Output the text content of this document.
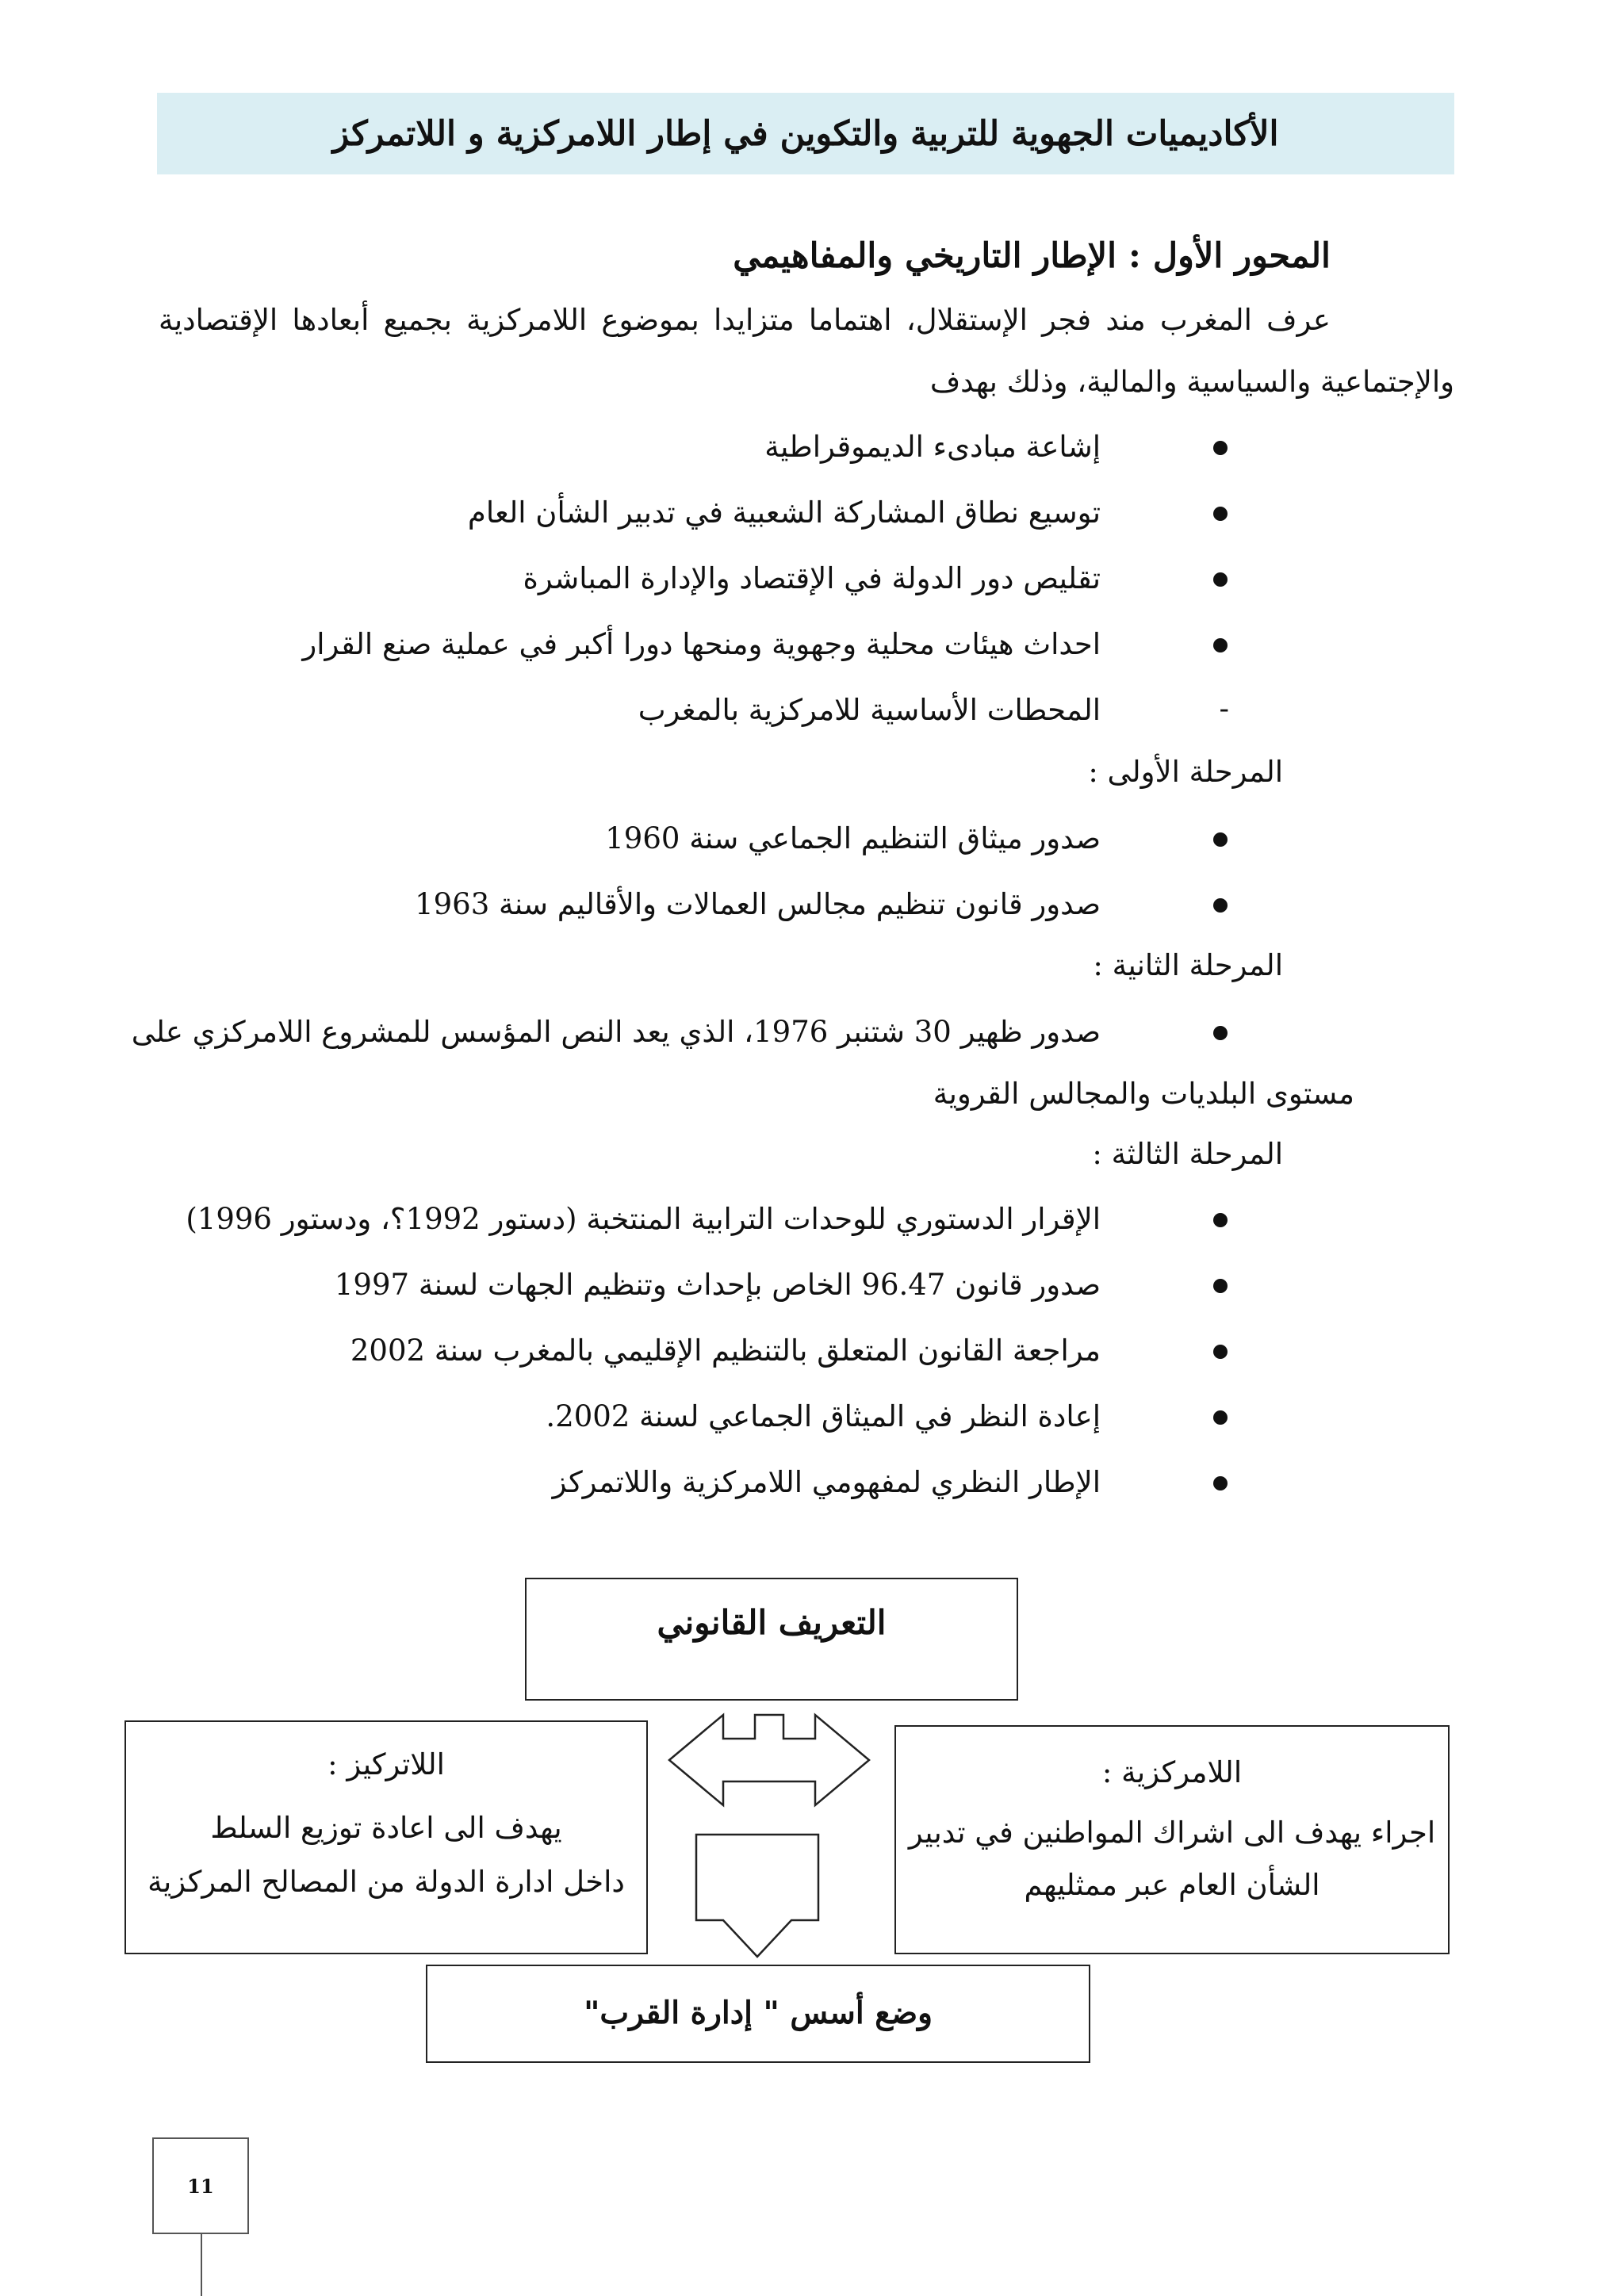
الأكاديميات الجهوية للتربية والتكوين في إطار اللامركزية و اللاتمركز
المحور الأول : الإطار التاريخي والمفاهيمي
عرف المغرب مند فجر الإستقلال، اهتماما متزايدا بموضوع اللامركزية بجميع أبعادها الإقتصادية
والإجتماعية والسياسية والمالية، وذلك بهدف
إشاعة مبادىء الديموقراطية
توسيع نطاق المشاركة الشعبية في تدبير الشأن العام
تقليص دور الدولة في الإقتصاد والإدارة المباشرة
احداث هيئات محلية وجهوية ومنحها دورا أكبر في عملية صنع القرار
-
المحطات الأساسية للامركزية بالمغرب
المرحلة الأولى :
صدور ميثاق التنظيم الجماعي سنة 1960
صدور قانون تنظيم مجالس العمالات والأقاليم سنة 1963
المرحلة الثانية :
صدور ظهير 30 شتنبر 1976، الذي يعد النص المؤسس للمشروع اللامركزي على
مستوى البلديات والمجالس القروية
المرحلة الثالثة :
الإقرار الدستوري للوحدات الترابية المنتخبة (دستور 1992؟، ودستور 1996)
صدور قانون 96.47 الخاص بإحداث وتنظيم الجهات لسنة 1997
مراجعة القانون المتعلق بالتنظيم الإقليمي بالمغرب سنة 2002
إعادة النظر في الميثاق الجماعي لسنة 2002.
الإطار النظري لمفهومي اللامركزية واللاتمركز
التعريف القانوني
اللاتركيز :
يهدف الى اعادة توزيع السلط
داخل ادارة الدولة من المصالح المركزية
اللامركزية :
اجراء يهدف الى اشراك المواطنين في تدبير
الشأن العام عبر ممثليهم
وضع أسس " إدارة القرب"
11
